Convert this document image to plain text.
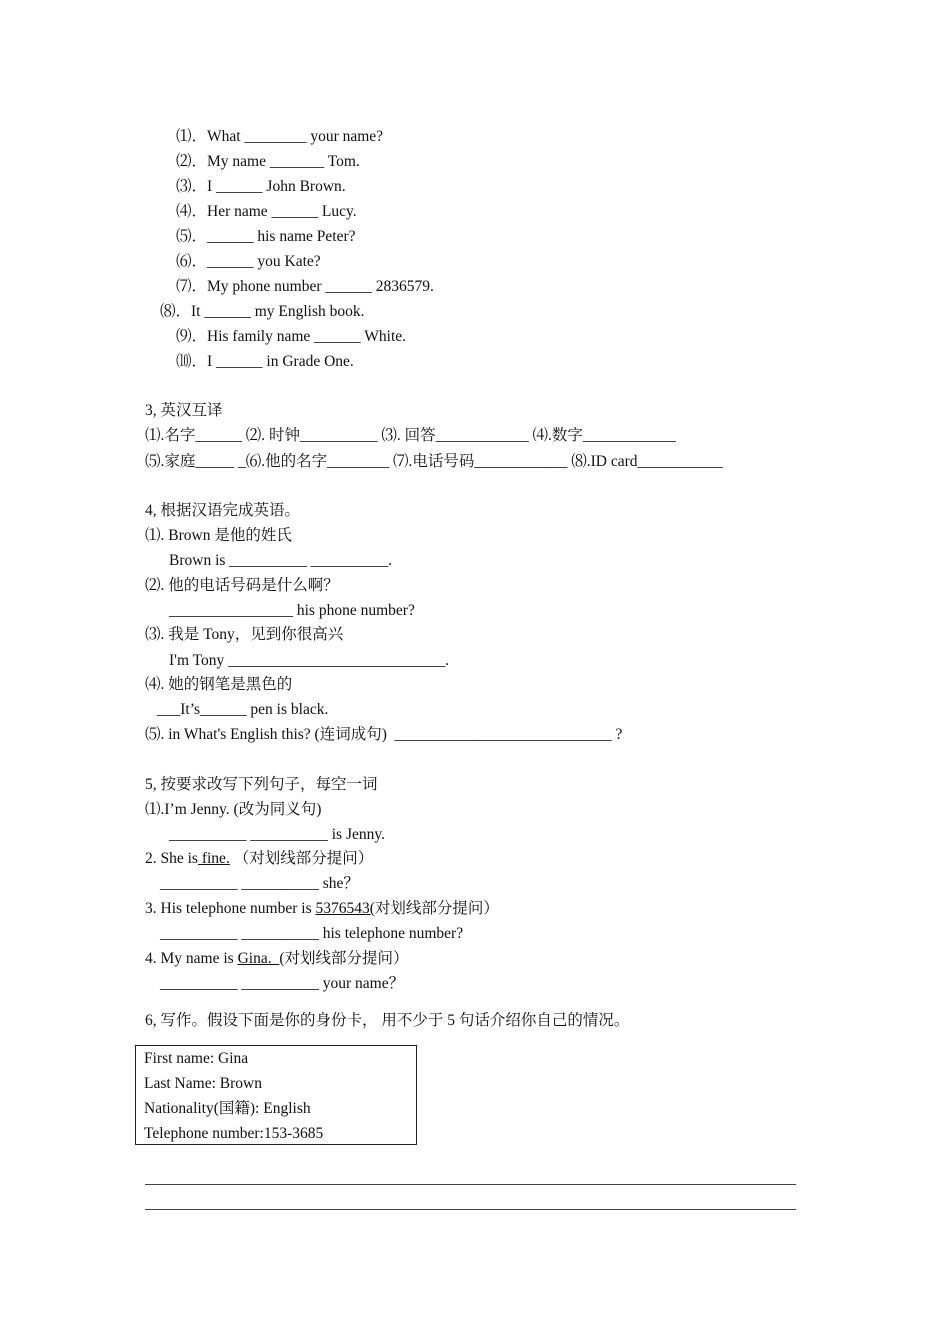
⑴．What ________ your name?
⑵．My name _______ Tom.
⑶．I ______ John Brown.
⑷．Her name ______ Lucy.
⑸．______ his name Peter?
⑹．______ you Kate?
⑺．My phone number ______ 2836579.
⑻．It ______ my English book.
⑼．His family name ______ White.
⑽．I ______ in Grade One.
3, 英汉互译
⑴.名字______ ⑵. 时钟__________ ⑶. 回答____________ ⑷.数字____________
⑸.家庭_____ _⑹.他的名字________ ⑺.电话号码____________ ⑻.ID card___________
4, 根据汉语完成英语。
⑴. Brown 是他的姓氏
Brown is __________ __________.
⑵. 他的电话号码是什么啊？
________________ his phone number?
⑶. 我是 Tony，见到你很高兴
I'm Tony ____________________________.
⑷. 她的钢笔是黑色的
___It’s______ pen is black.
⑸. in What's English this? (连词成句)  ____________________________ ?
5, 按要求改写下列句子，每空一词
⑴.I’m Jenny. (改为同义句)
__________ __________ is Jenny.
2. She is fine. （对划线部分提问）
__________ __________ she？
3. His telephone number is 5376543(对划线部分提问）
__________ __________ his telephone number?
4. My name is Gina.  (对划线部分提问）
__________ __________ your name？
6, 写作。假设下面是你的身份卡， 用不少于 5 句话介绍你自己的情况。
First name: Gina
Last Name: Brown
Nationality(国籍): English
Telephone number:153-3685
____________________________________________________________________________________
____________________________________________________________________________________
